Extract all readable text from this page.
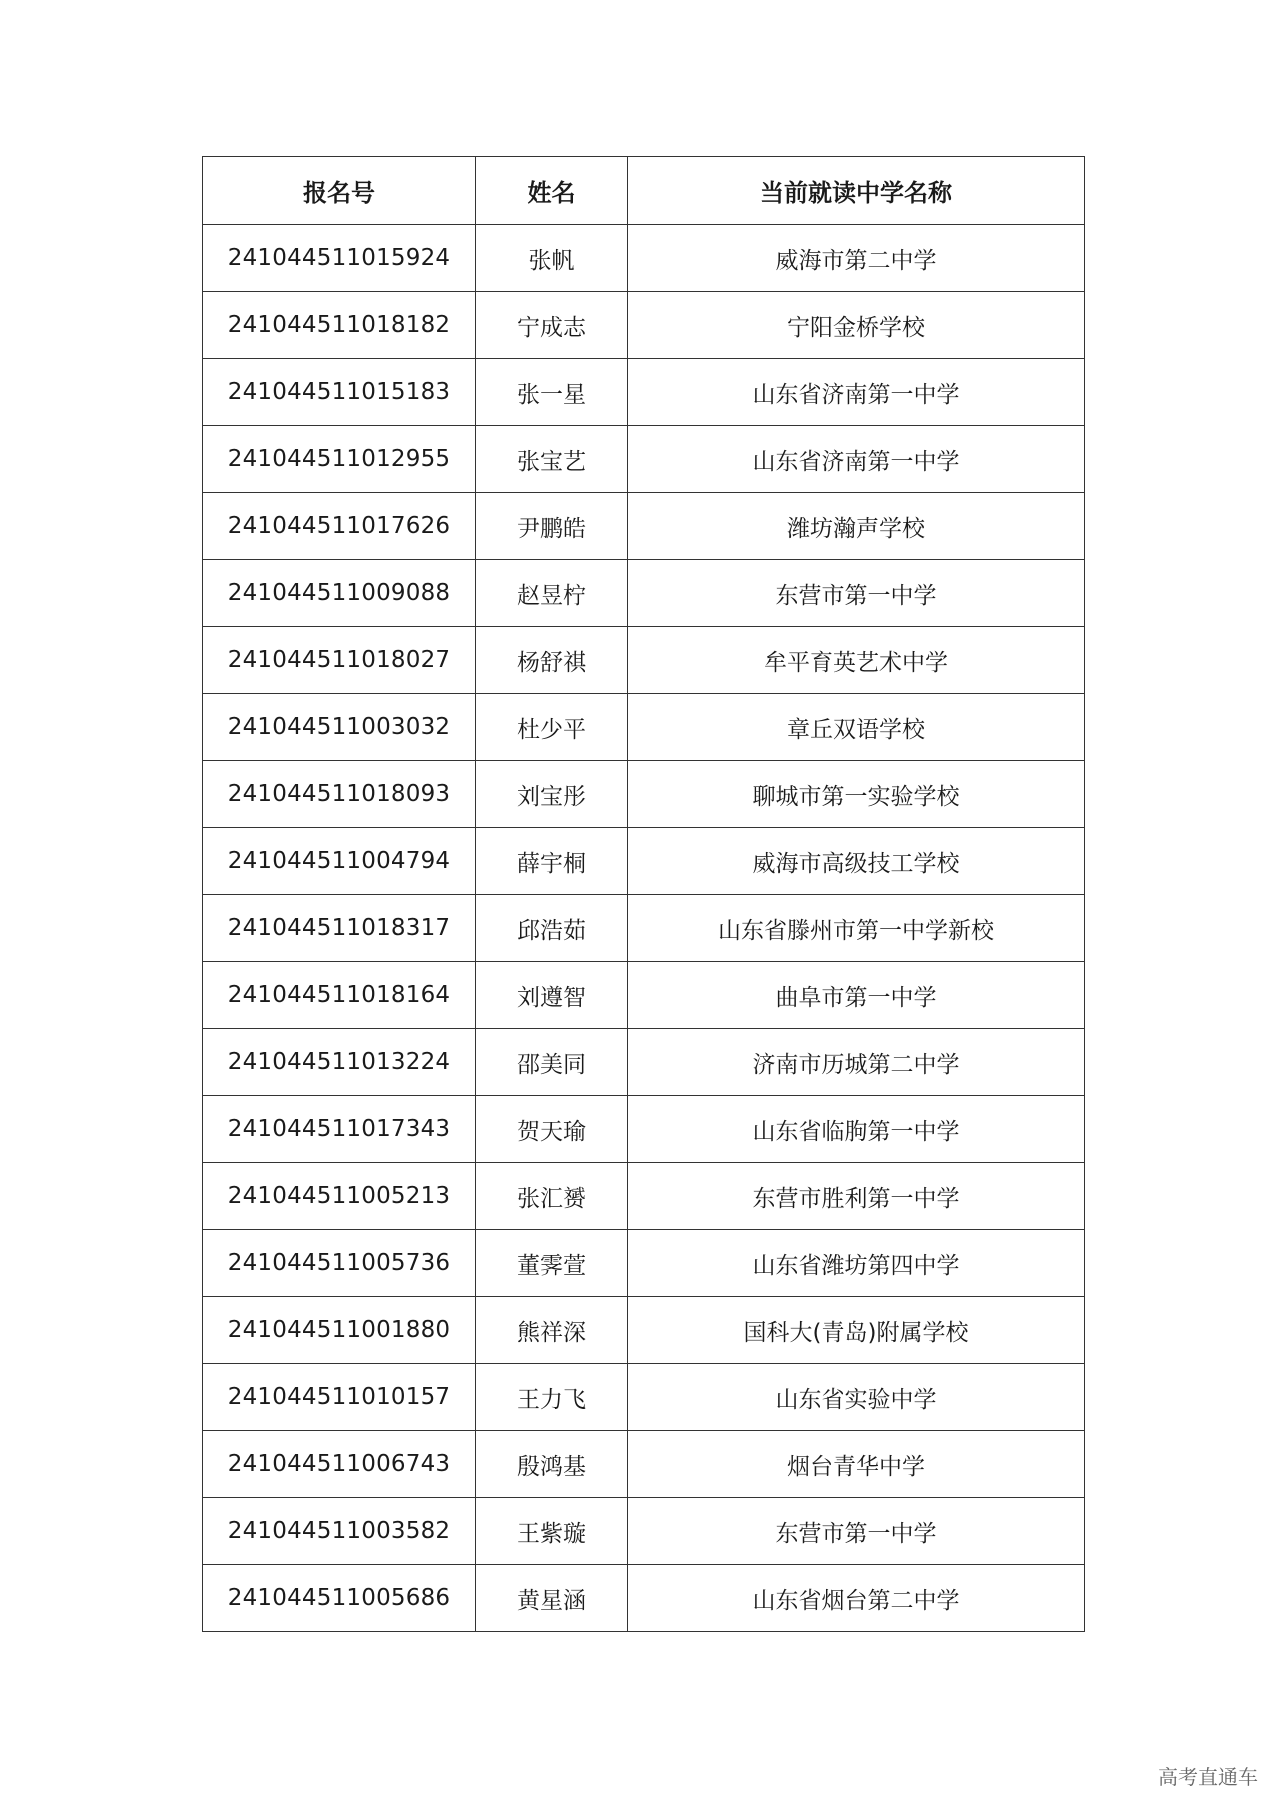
报名号	姓名	当前就读中学名称
241044511015924	张帆	威海市第二中学
241044511018182	宁成志	宁阳金桥学校
241044511015183	张一星	山东省济南第一中学
241044511012955	张宝艺	山东省济南第一中学
241044511017626	尹鹏皓	潍坊瀚声学校
241044511009088	赵昱柠	东营市第一中学
241044511018027	杨舒祺	牟平育英艺术中学
241044511003032	杜少平	章丘双语学校
241044511018093	刘宝彤	聊城市第一实验学校
241044511004794	薛宇桐	威海市高级技工学校
241044511018317	邱浩茹	山东省滕州市第一中学新校
241044511018164	刘遵智	曲阜市第一中学
241044511013224	邵美同	济南市历城第二中学
241044511017343	贺天瑜	山东省临朐第一中学
241044511005213	张汇赟	东营市胜利第一中学
241044511005736	董霁萱	山东省潍坊第四中学
241044511001880	熊祥深	国科大(青岛)附属学校
241044511010157	王力飞	山东省实验中学
241044511006743	殷鸿基	烟台青华中学
241044511003582	王紫璇	东营市第一中学
241044511005686	黄星涵	山东省烟台第二中学
高考直通车
